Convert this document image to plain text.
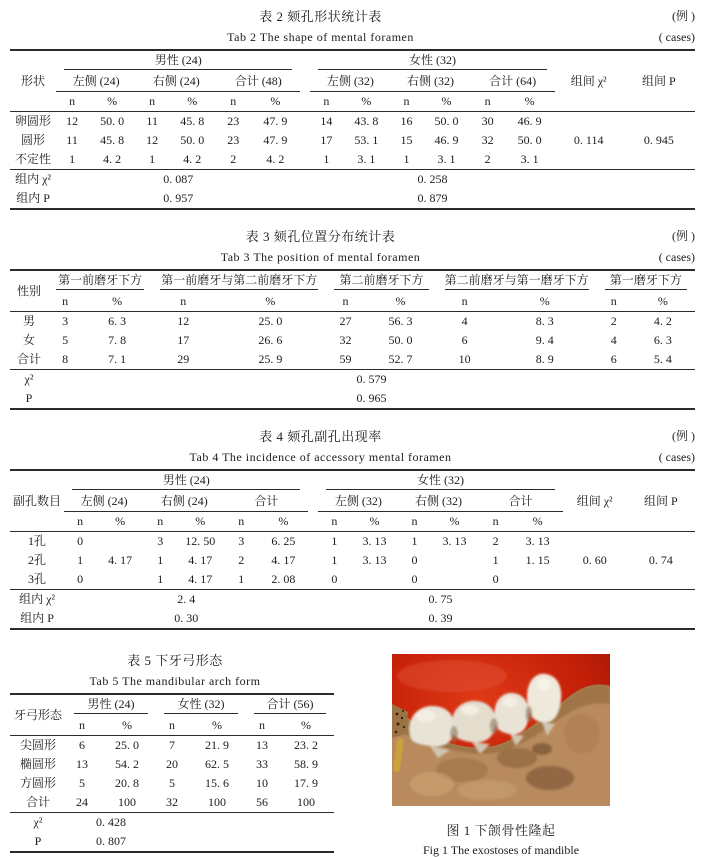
表 2 颏孔形状统计表	(例 )
Tab 2 The shape of mental foramen	( cases)
形状	男性 (24)							女性 (32)						组间 χ²	组间 P
	左侧 (24)		右侧 (24)		合计 (48)			左侧 (32)		右侧 (32)		合计 (64)			
	n	%	n	%	n	%		n	%	n	%	n	%		
卵圆形	12	50. 0	11	45. 8	23	47. 9		14	43. 8	16	50. 0	30	46. 9		
圆形	11	45. 8	12	50. 0	23	47. 9		17	53. 1	15	46. 9	32	50. 0	0. 114	0. 945
不定性	1	4. 2	1	4. 2	2	4. 2		1	3. 1	1	3. 1	2	3. 1		
组内 χ²	0. 087							0. 258							
组内 P	0. 957							0. 879							
表 3 颏孔位置分布统计表	(例 )
Tab 3 The position of mental foramen	( cases)
性别	第一前磨牙下方		第一前磨牙与第二前磨牙下方		第二前磨牙下方		第二前磨牙与第一磨牙下方		第一磨牙下方	

	n	%	n	%	n	%	n	%	n	%
男	3	6. 3	12	25. 0	27	56. 3	4	8. 3	2	4. 2
女	5	7. 8	17	26. 6	32	50. 0	6	9. 4	4	6. 3
合计	8	7. 1	29	25. 9	59	52. 7	10	8. 9	6	5. 4
χ²	0. 579									
P	0. 965									
表 4 颏孔副孔出现率	(例 )
Tab 4 The incidence of accessory mental foramen	( cases)
副孔数目	男性 (24)							女性 (32)						组间 χ²	组间 P
	左侧 (24)		右侧 (24)		合计			左侧 (32)		右侧 (32)		合计			
	n	%	n	%	n	%		n	%	n	%	n	%		
1孔	0		3	12. 50	3	6. 25		1	3. 13	1	3. 13	2	3. 13		
2孔	1	4. 17	1	4. 17	2	4. 17		1	3. 13	0		1	1. 15	0. 60	0. 74
3孔	0		1	4. 17	1	2. 08		0		0		0			
组内 χ²	2. 4							0. 75							
组内 P	0. 30							0. 39							
表 5 下牙弓形态
Tab 5 The mandibular arch form
牙弓形态	男性 (24)		女性 (32)		合计 (56)	

	n	%	n	%	n	%
尖圆形	6	25. 0	7	21. 9	13	23. 2
椭圆形	13	54. 2	20	62. 5	33	58. 9
方圆形	5	20. 8	5	15. 6	10	17. 9
合计	24	100	32	100	56	100
χ²	0. 428					
P	0. 807					
图 1 下颌骨性隆起
Fig 1 The exostoses of mandible
